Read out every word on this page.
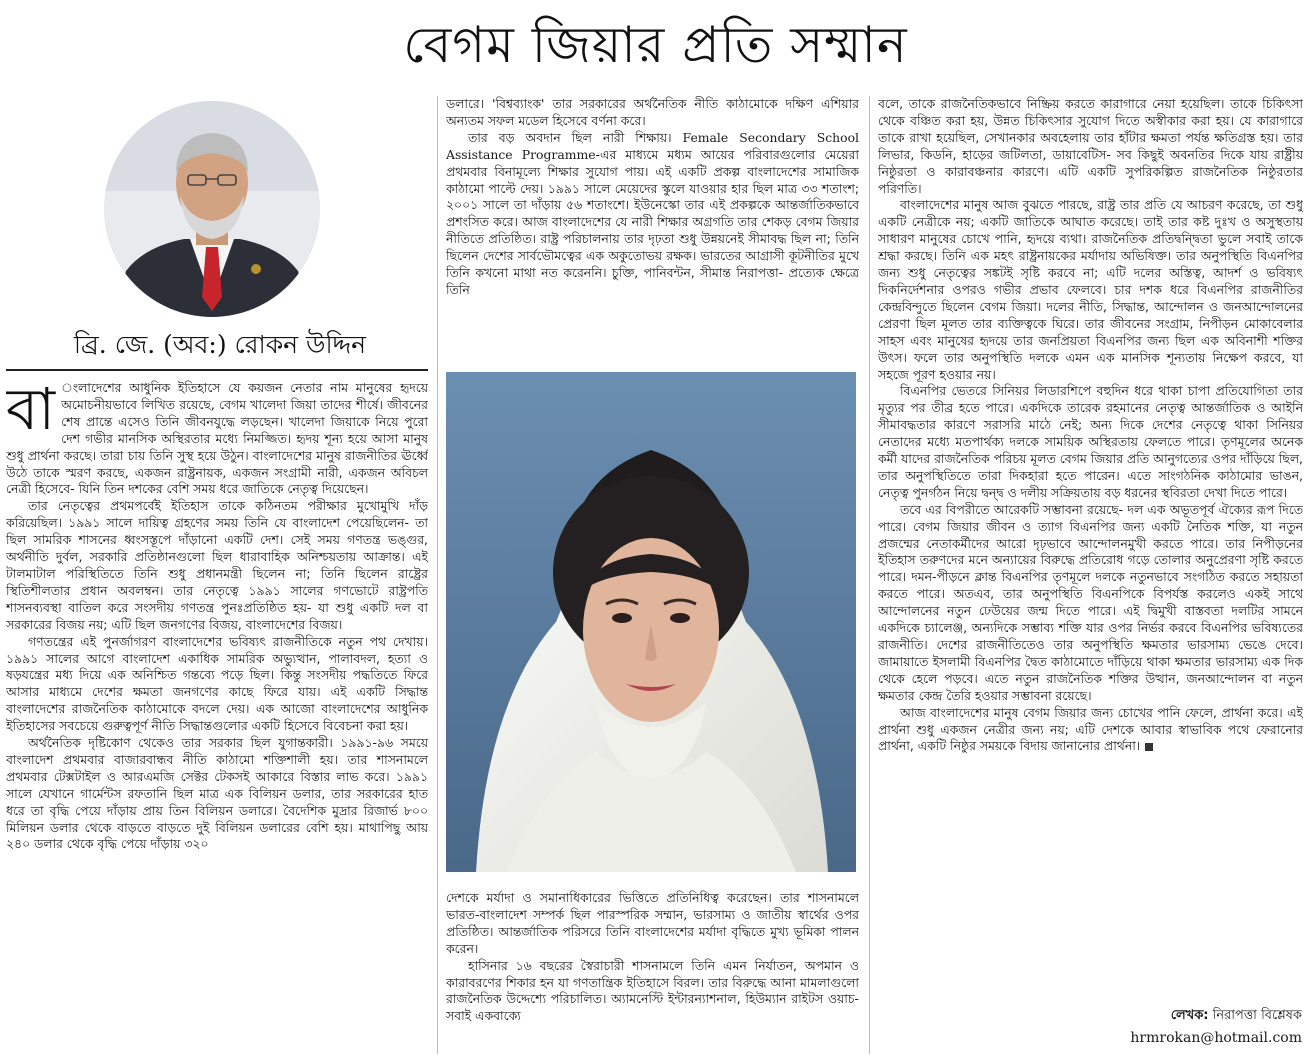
বেগম জিয়ার প্রতি সম্মান
ব্রি. জে. (অব:) রোকন উদ্দিন

বা ংলাদেশের আধুনিক ইতিহাসে যে কয়জন নেতার নাম মানুষের হৃদয়ে অমোচনীয়ভাবে লিখিত রয়েছে, বেগম খালেদা জিয়া তাদের শীর্ষে। জীবনের শেষ প্রান্তে এসেও তিনি জীবনযুদ্ধে লড়ছেন। খালেদা জিয়াকে নিয়ে পুরো দেশ গভীর মানসিক অস্থিরতার মধ্যে নিমজ্জিত। হৃদয় শূন্য হয়ে আসা মানুষ শুধু প্রার্থনা করছে। তারা চায় তিনি সুস্থ হয়ে উঠুন। বাংলাদেশের মানুষ রাজনীতির ঊর্ধ্বে উঠে তাকে স্মরণ করছে, একজন রাষ্ট্রনায়ক, একজন সংগ্রামী নারী, একজন অবিচল নেত্রী হিসেবে- যিনি তিন দশকের বেশি সময় ধরে জাতিকে নেতৃত্ব দিয়েছেন।

তার নেতৃত্বের প্রথমপর্বেই ইতিহাস তাকে কঠিনতম পরীক্ষার মুখোমুখি দাঁড় করিয়েছিল। ১৯৯১ সালে দায়িত্ব গ্রহণের সময় তিনি যে বাংলাদেশ পেয়েছিলেন- তা ছিল সামরিক শাসনের ধ্বংসস্তূপে দাঁড়ানো একটি দেশ। সেই সময় গণতন্ত্র ভঙ্গুর, অর্থনীতি দুর্বল, সরকারি প্রতিষ্ঠানগুলো ছিল ধারাবাহিক অনিশ্চয়তায় আক্রান্ত। এই টালমাটাল পরিস্থিতিতে তিনি শুধু প্রধানমন্ত্রী ছিলেন না; তিনি ছিলেন রাষ্ট্রের স্থিতিশীলতার প্রধান অবলম্বন। তার নেতৃত্বে ১৯৯১ সালের গণভোটে রাষ্ট্রপতি শাসনব্যবস্থা বাতিল করে সংসদীয় গণতন্ত্র পুনঃপ্রতিষ্ঠিত হয়- যা শুধু একটি দল বা সরকারের বিজয় নয়; এটি ছিল জনগণের বিজয়, বাংলাদেশের বিজয়।

গণতন্ত্রের এই পুনর্জাগরণ বাংলাদেশের ভবিষ্যৎ রাজনীতিকে নতুন পথ দেখায়। ১৯৯১ সালের আগে বাংলাদেশ একাধিক সামরিক অভ্যুত্থান, পালাবদল, হত্যা ও ষড়যন্ত্রের মধ্য দিয়ে এক অনিশ্চিত গন্তব্যে পড়ে ছিল। কিন্তু সংসদীয় পদ্ধতিতে ফিরে আসার মাধ্যমে দেশের ক্ষমতা জনগণের কাছে ফিরে যায়। এই একটি সিদ্ধান্ত বাংলাদেশের রাজনৈতিক কাঠামোকে বদলে দেয়। এক আজো বাংলাদেশের আধুনিক ইতিহাসের সবচেয়ে গুরুত্বপূর্ণ নীতি সিদ্ধান্তগুলোর একটি হিসেবে বিবেচনা করা হয়।

অর্থনৈতিক দৃষ্টিকোণ থেকেও তার সরকার ছিল যুগান্তকারী। ১৯৯১-৯৬ সময়ে বাংলাদেশ প্রথমবার বাজারবান্ধব নীতি কাঠামো শক্তিশালী হয়। তার শাসনামলে প্রথমবার টেক্সটাইল ও আরএমজি সেক্টর টেকসই আকারে বিস্তার লাভ করে। ১৯৯১ সালে যেখানে গার্মেন্টস রফতানি ছিল মাত্র এক বিলিয়ন ডলার, তার সরকারের হাত ধরে তা বৃদ্ধি পেয়ে দাঁড়ায় প্রায় তিন বিলিয়ন ডলারে। বৈদেশিক মুদ্রার রিজার্ভ ৮০০ মিলিয়ন ডলার থেকে বাড়তে বাড়তে দুই বিলিয়ন ডলারের বেশি হয়। মাথাপিছু আয় ২৪০ ডলার থেকে বৃদ্ধি পেয়ে দাঁড়ায় ৩২০

ডলারে। 'বিশ্বব্যাংক' তার সরকারের অর্থনৈতিক নীতি কাঠামোকে দক্ষিণ এশিয়ার অন্যতম সফল মডেল হিসেবে বর্ণনা করে।

তার বড় অবদান ছিল নারী শিক্ষায়। Female Secondary School Assistance Programme-এর মাধ্যমে মধ্যম আয়ের পরিবারগুলোর মেয়েরা প্রথমবার বিনামূল্যে শিক্ষার সুযোগ পায়। এই একটি প্রকল্প বাংলাদেশের সামাজিক কাঠামো পাল্টে দেয়। ১৯৯১ সালে মেয়েদের স্কুলে যাওয়ার হার ছিল মাত্র ৩৩ শতাংশ; ২০০১ সালে তা দাঁড়ায় ৫৬ শতাংশে। ইউনেস্কো তার এই প্রকল্পকে আন্তর্জাতিকভাবে প্রশংসিত করে। আজ বাংলাদেশের যে নারী শিক্ষার অগ্রগতি তার শেকড় বেগম জিয়ার নীতিতে প্রতিষ্ঠিত। রাষ্ট্র পরিচালনায় তার দৃঢ়তা শুধু উন্নয়নেই সীমাবদ্ধ ছিল না; তিনি ছিলেন দেশের সার্বভৌমত্বের এক অকুতোভয় রক্ষক। ভারতের আগ্রাসী কূটনীতির মুখে তিনি কখনো মাথা নত করেননি। চুক্তি, পানিবন্টন, সীমান্ত নিরাপত্তা- প্রত্যেক ক্ষেত্রে তিনি

দেশকে মর্যাদা ও সমানাধিকারের ভিত্তিতে প্রতিনিধিত্ব করেছেন। তার শাসনামলে ভারত-বাংলাদেশ সম্পর্ক ছিল পারস্পরিক সম্মান, ভারসাম্য ও জাতীয় স্বার্থের ওপর প্রতিষ্ঠিত। আন্তর্জাতিক পরিসরে তিনি বাংলাদেশের মর্যাদা বৃদ্ধিতে মুখ্য ভূমিকা পালন করেন।

হাসিনার ১৬ বছরের স্বৈরাচারী শাসনামলে তিনি এমন নির্যাতন, অপমান ও কারাবরণের শিকার হন যা গণতান্ত্রিক ইতিহাসে বিরল। তার বিরুদ্ধে আনা মামলাগুলো রাজনৈতিক উদ্দেশ্যে পরিচালিত। অ্যামনেস্টি ইন্টারন্যাশনাল, হিউম্যান রাইটস ওয়াচ- সবাই একবাক্যে

বলে, তাকে রাজনৈতিকভাবে নিষ্ক্রিয় করতে কারাগারে নেয়া হয়েছিল। তাকে চিকিৎসা থেকে বঞ্চিত করা হয়, উন্নত চিকিৎসার সুযোগ দিতে অস্বীকার করা হয়। যে কারাগারে তাকে রাখা হয়েছিল, সেখানকার অবহেলায় তার হাঁটার ক্ষমতা পর্যন্ত ক্ষতিগ্রস্ত হয়। তার লিভার, কিডনি, হাড়ের জটিলতা, ডায়াবেটিস- সব কিছুই অবনতির দিকে যায় রাষ্ট্রীয় নিষ্ঠুরতা ও কারাবঞ্চনার কারণে। এটি একটি সুপরিকল্পিত রাজনৈতিক নিষ্ঠুরতার পরিণতি।

বাংলাদেশের মানুষ আজ বুঝতে পারছে, রাষ্ট্র তার প্রতি যে আচরণ করেছে, তা শুধু একটি নেত্রীকে নয়; একটি জাতিকে আঘাত করেছে। তাই তার কষ্ট দুঃখ ও অসুস্থতায় সাধারণ মানুষের চোখে পানি, হৃদয়ে ব্যথা। রাজনৈতিক প্রতিদ্বন্দ্বিতা ভুলে সবাই তাকে শ্রদ্ধা করছে। তিনি এক মহৎ রাষ্ট্রনায়কের মর্যাদায় অভিষিক্ত। তার অনুপস্থিতি বিএনপির জন্য শুধু নেতৃত্বের সঙ্কটই সৃষ্টি করবে না; এটি দলের অস্তিত্ব, আদর্শ ও ভবিষ্যৎ দিকনির্দেশনার ওপরও গভীর প্রভাব ফেলবে। চার দশক ধরে বিএনপির রাজনীতির কেন্দ্রবিন্দুতে ছিলেন বেগম জিয়া। দলের নীতি, সিদ্ধান্ত, আন্দোলন ও জনআন্দোলনের প্রেরণা ছিল মূলত তার ব্যক্তিত্বকে ঘিরে। তার জীবনের সংগ্রাম, নিপীড়ন মোকাবেলার সাহস এবং মানুষের হৃদয়ে তার জনপ্রিয়তা বিএনপির জন্য ছিল এক অবিনাশী শক্তির উৎস। ফলে তার অনুপস্থিতি দলকে এমন এক মানসিক শূন্যতায় নিক্ষেপ করবে, যা সহজে পূরণ হওয়ার নয়।

বিএনপির ভেতরে সিনিয়র লিডারশিপে বহুদিন ধরে থাকা চাপা প্রতিযোগিতা তার মৃত্যুর পর তীব্র হতে পারে। একদিকে তারেক রহমানের নেতৃত্ব আন্তর্জাতিক ও আইনি সীমাবদ্ধতার কারণে সরাসরি মাঠে নেই; অন্য দিকে দেশের নেতৃত্বে থাকা সিনিয়র নেতাদের মধ্যে মতপার্থক্য দলকে সাময়িক অস্থিরতায় ফেলতে পারে। তৃণমূলের অনেক কর্মী যাদের রাজনৈতিক পরিচয় মূলত বেগম জিয়ার প্রতি আনুগত্যের ওপর দাঁড়িয়ে ছিল, তার অনুপস্থিতিতে তারা দিকহারা হতে পারেন। এতে সাংগঠনিক কাঠামোর ভাঙন, নেতৃত্ব পুনর্গঠন নিয়ে দ্বন্দ্ব ও দলীয় সক্রিয়তায় বড় ধরনের স্থবিরতা দেখা দিতে পারে।

তবে এর বিপরীতে আরেকটি সম্ভাবনা রয়েছে- দল এক অভূতপূর্ব ঐক্যের রূপ দিতে পারে। বেগম জিয়ার জীবন ও ত্যাগ বিএনপির জন্য একটি নৈতিক শক্তি, যা নতুন প্রজন্মের নেতাকর্মীদের আরো দৃঢ়ভাবে আন্দোলনমুখী করতে পারে। তার নিপীড়নের ইতিহাস তরুণদের মনে অন্যায়ের বিরুদ্ধে প্রতিরোধ গড়ে তোলার অনুপ্রেরণা সৃষ্টি করতে পারে। দমন-পীড়নে ক্লান্ত বিএনপির তৃণমূলে দলকে নতুনভাবে সংগঠিত করতে সহায়তা করতে পারে। অতএব, তার অনুপস্থিতি বিএনপিকে বিপর্যস্ত করলেও একই সাথে আন্দোলনের নতুন ঢেউয়ের জন্ম দিতে পারে। এই দ্বিমুখী বাস্তবতা দলটির সামনে একদিকে চ্যালেঞ্জ, অন্যদিকে সম্ভাব্য শক্তি যার ওপর নির্ভর করবে বিএনপির ভবিষ্যতের রাজনীতি। দেশের রাজনীতিতেও তার অনুপস্থিতি ক্ষমতার ভারসাম্য ভেঙে দেবে। জামায়াতে ইসলামী বিএনপির দ্বৈত কাঠামোতে দাঁড়িয়ে থাকা ক্ষমতার ভারসাম্য এক দিক থেকে হেলে পড়বে। এতে নতুন রাজনৈতিক শক্তির উত্থান, জনআন্দোলন বা নতুন ক্ষমতার কেন্দ্র তৈরি হওয়ার সম্ভাবনা রয়েছে।

আজ বাংলাদেশের মানুষ বেগম জিয়ার জন্য চোখের পানি ফেলে, প্রার্থনা করে। এই প্রার্থনা শুধু একজন নেত্রীর জন্য নয়; এটি দেশকে আবার স্বাভাবিক পথে ফেরানোর প্রার্থনা, একটি নিষ্ঠুর সময়কে বিদায় জানানোর প্রার্থনা।

লেখক: নিরাপত্তা বিশ্লেষক
hrmrokan@hotmail.com
